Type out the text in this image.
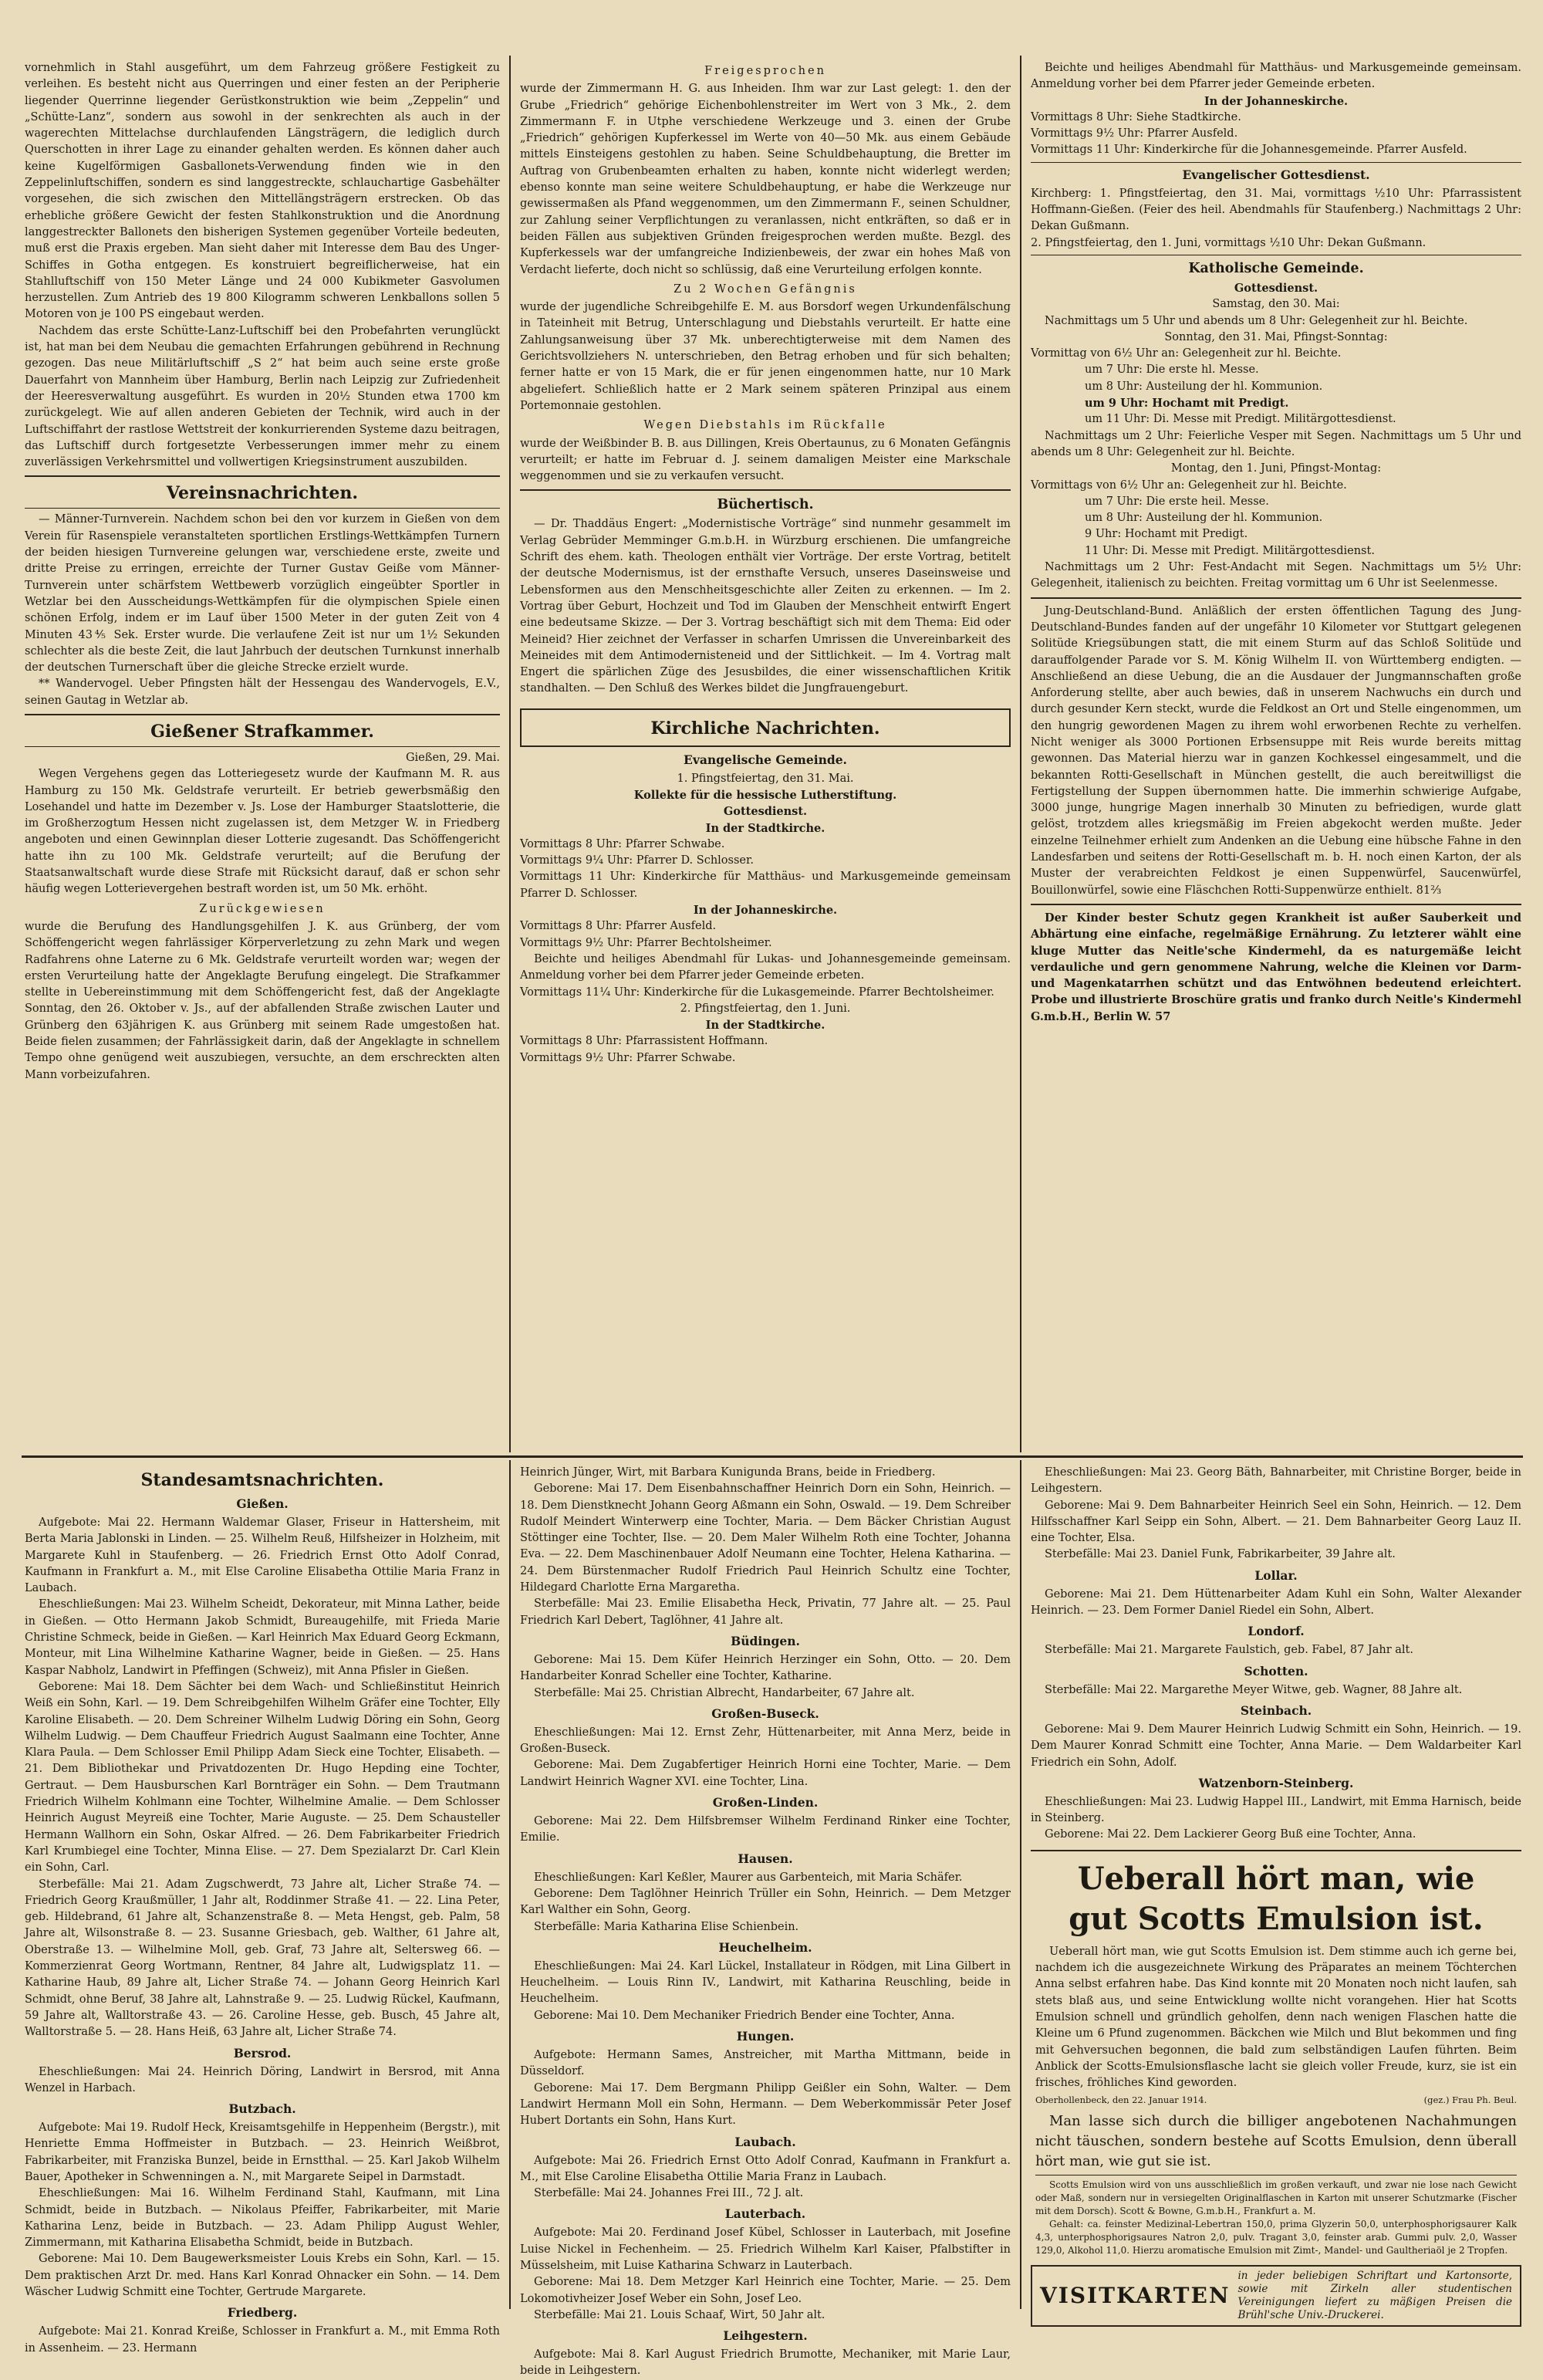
vornehmlich in Stahl ausgeführt, um dem Fahrzeug größere Festigkeit zu verleihen. Es besteht nicht aus Querringen und einer festen an der Peripherie liegender Querrinne liegender Gerüstkonstruktion wie beim „Zeppelin“ und „Schütte-Lanz“, sondern aus sowohl in der senkrechten als auch in der wagerechten Mittelachse durchlaufenden Längsträgern, die lediglich durch Querschotten in ihrer Lage zu einander gehalten werden. Es können daher auch keine Kugelförmigen Gasballonets-Verwendung finden wie in den Zeppelinluftschiffen, sondern es sind langgestreckte, schlauchartige Gasbehälter vorgesehen, die sich zwischen den Mittellängsträgern erstrecken. Ob das erhebliche größere Gewicht der festen Stahlkonstruktion und die Anordnung langgestreckter Ballonets den bisherigen Systemen gegenüber Vorteile bedeuten, muß erst die Praxis ergeben. Man sieht daher mit Interesse dem Bau des Unger-Schiffes in Gotha entgegen. Es konstruiert begreiflicherweise, hat ein Stahlluftschiff von 150 Meter Länge und 24 000 Kubikmeter Gasvolumen herzustellen. Zum Antrieb des 19 800 Kilogramm schweren Lenkballons sollen 5 Motoren von je 100 PS eingebaut werden.

Nachdem das erste Schütte-Lanz-Luftschiff bei den Probefahrten verunglückt ist, hat man bei dem Neubau die gemachten Erfahrungen gebührend in Rechnung gezogen. Das neue Militärluftschiff „S 2“ hat beim auch seine erste große Dauerfahrt von Mannheim über Hamburg, Berlin nach Leipzig zur Zufriedenheit der Heeresverwaltung ausgeführt. Es wurden in 20½ Stunden etwa 1700 km zurückgelegt. Wie auf allen anderen Gebieten der Technik, wird auch in der Luftschiffahrt der rastlose Wettstreit der konkurrierenden Systeme dazu beitragen, das Luftschiff durch fortgesetzte Verbesserungen immer mehr zu einem zuverlässigen Verkehrsmittel und vollwertigen Kriegsinstrument auszubilden.

Vereinsnachrichten.

— Männer-Turnverein. Nachdem schon bei den vor kurzem in Gießen von dem Verein für Rasenspiele veranstalteten sportlichen Erstlings-Wettkämpfen Turnern der beiden hiesigen Turnvereine gelungen war, verschiedene erste, zweite und dritte Preise zu erringen, erreichte der Turner Gustav Geiße vom Männer-Turnverein unter schärfstem Wettbewerb vorzüglich eingeübter Sportler in Wetzlar bei den Ausscheidungs-Wettkämpfen für die olympischen Spiele einen schönen Erfolg, indem er im Lauf über 1500 Meter in der guten Zeit von 4 Minuten 43⅘ Sek. Erster wurde. Die verlaufene Zeit ist nur um 1½ Sekunden schlechter als die beste Zeit, die laut Jahrbuch der deutschen Turnkunst innerhalb der deutschen Turnerschaft über die gleiche Strecke erzielt wurde.

** Wandervogel. Ueber Pfingsten hält der Hessengau des Wandervogels, E.V., seinen Gautag in Wetzlar ab.

Gießener Strafkammer.

Gießen, 29. Mai.

Wegen Vergehens gegen das Lotteriegesetz wurde der Kaufmann M. R. aus Hamburg zu 150 Mk. Geldstrafe verurteilt. Er betrieb gewerbsmäßig den Losehandel und hatte im Dezember v. Js. Lose der Hamburger Staatslotterie, die im Großherzogtum Hessen nicht zugelassen ist, dem Metzger W. in Friedberg angeboten und einen Gewinnplan dieser Lotterie zugesandt. Das Schöffengericht hatte ihn zu 100 Mk. Geldstrafe verurteilt; auf die Berufung der Staatsanwaltschaft wurde diese Strafe mit Rücksicht darauf, daß er schon sehr häufig wegen Lotterievergehen bestraft worden ist, um 50 Mk. erhöht.

Zurückgewiesen

wurde die Berufung des Handlungsgehilfen J. K. aus Grünberg, der vom Schöffengericht wegen fahrlässiger Körperverletzung zu zehn Mark und wegen Radfahrens ohne Laterne zu 6 Mk. Geldstrafe verurteilt worden war; wegen der ersten Verurteilung hatte der Angeklagte Berufung eingelegt. Die Strafkammer stellte in Uebereinstimmung mit dem Schöffengericht fest, daß der Angeklagte Sonntag, den 26. Oktober v. Js., auf der abfallenden Straße zwischen Lauter und Grünberg den 63jährigen K. aus Grünberg mit seinem Rade umgestoßen hat. Beide fielen zusammen; der Fahrlässigkeit darin, daß der Angeklagte in schnellem Tempo ohne genügend weit auszubiegen, versuchte, an dem erschreckten alten Mann vorbeizufahren.

Freigesprochen

wurde der Zimmermann H. G. aus Inheiden. Ihm war zur Last gelegt: 1. den der Grube „Friedrich“ gehörige Eichenbohlenstreiter im Wert von 3 Mk., 2. dem Zimmermann F. in Utphe verschiedene Werkzeuge und 3. einen der Grube „Friedrich“ gehörigen Kupferkessel im Werte von 40—50 Mk. aus einem Gebäude mittels Einsteigens gestohlen zu haben. Seine Schuldbehauptung, die Bretter im Auftrag von Grubenbeamten erhalten zu haben, konnte nicht widerlegt werden; ebenso konnte man seine weitere Schuldbehauptung, er habe die Werkzeuge nur gewissermaßen als Pfand weggenommen, um den Zimmermann F., seinen Schuldner, zur Zahlung seiner Verpflichtungen zu veranlassen, nicht entkräften, so daß er in beiden Fällen aus subjektiven Gründen freigesprochen werden mußte. Bezgl. des Kupferkessels war der umfangreiche Indizienbeweis, der zwar ein hohes Maß von Verdacht lieferte, doch nicht so schlüssig, daß eine Verurteilung erfolgen konnte.

Zu 2 Wochen Gefängnis

wurde der jugendliche Schreibgehilfe E. M. aus Borsdorf wegen Urkundenfälschung in Tateinheit mit Betrug, Unterschlagung und Diebstahls verurteilt. Er hatte eine Zahlungsanweisung über 37 Mk. unberechtigterweise mit dem Namen des Gerichtsvollziehers N. unterschrieben, den Betrag erhoben und für sich behalten; ferner hatte er von 15 Mark, die er für jenen eingenommen hatte, nur 10 Mark abgeliefert. Schließlich hatte er 2 Mark seinem späteren Prinzipal aus einem Portemonnaie gestohlen.

Wegen Diebstahls im Rückfalle

wurde der Weißbinder B. B. aus Dillingen, Kreis Obertaunus, zu 6 Monaten Gefängnis verurteilt; er hatte im Februar d. J. seinem damaligen Meister eine Markschale weggenommen und sie zu verkaufen versucht.

Büchertisch.

— Dr. Thaddäus Engert: „Modernistische Vorträge“ sind nunmehr gesammelt im Verlag Gebrüder Memminger G.m.b.H. in Würzburg erschienen. Die umfangreiche Schrift des ehem. kath. Theologen enthält vier Vorträge. Der erste Vortrag, betitelt der deutsche Modernismus, ist der ernsthafte Versuch, unseres Daseinsweise und Lebensformen aus den Menschheitsgeschichte aller Zeiten zu erkennen. — Im 2. Vortrag über Geburt, Hochzeit und Tod im Glauben der Menschheit entwirft Engert eine bedeutsame Skizze. — Der 3. Vortrag beschäftigt sich mit dem Thema: Eid oder Meineid? Hier zeichnet der Verfasser in scharfen Umrissen die Unvereinbarkeit des Meineides mit dem Antimodernisteneid und der Sittlichkeit. — Im 4. Vortrag malt Engert die spärlichen Züge des Jesusbildes, die einer wissenschaftlichen Kritik standhalten. — Den Schluß des Werkes bildet die Jungfrauengeburt.

Kirchliche Nachrichten.
Evangelische Gemeinde.

1. Pfingstfeiertag, den 31. Mai.

Kollekte für die hessische Lutherstiftung.

Gottesdienst.

In der Stadtkirche.

Vormittags 8 Uhr: Pfarrer Schwabe.

Vormittags 9¼ Uhr: Pfarrer D. Schlosser.

Vormittags 11 Uhr: Kinderkirche für Matthäus- und Markusgemeinde gemeinsam Pfarrer D. Schlosser.

In der Johanneskirche.

Vormittags 8 Uhr: Pfarrer Ausfeld.

Vormittags 9½ Uhr: Pfarrer Bechtolsheimer.

Beichte und heiliges Abendmahl für Lukas- und Johannesgemeinde gemeinsam. Anmeldung vorher bei dem Pfarrer jeder Gemeinde erbeten.

Vormittags 11¼ Uhr: Kinderkirche für die Lukasgemeinde. Pfarrer Bechtolsheimer.

2. Pfingstfeiertag, den 1. Juni.

In der Stadtkirche.

Vormittags 8 Uhr: Pfarrassistent Hoffmann.

Vormittags 9½ Uhr: Pfarrer Schwabe.

Beichte und heiliges Abendmahl für Matthäus- und Markusgemeinde gemeinsam. Anmeldung vorher bei dem Pfarrer jeder Gemeinde erbeten.

In der Johanneskirche.

Vormittags 8 Uhr: Siehe Stadtkirche.

Vormittags 9½ Uhr: Pfarrer Ausfeld.

Vormittags 11 Uhr: Kinderkirche für die Johannesgemeinde. Pfarrer Ausfeld.

Evangelischer Gottesdienst.

Kirchberg: 1. Pfingstfeiertag, den 31. Mai, vormittags ½10 Uhr: Pfarrassistent Hoffmann-Gießen. (Feier des heil. Abendmahls für Staufenberg.) Nachmittags 2 Uhr: Dekan Gußmann.

2. Pfingstfeiertag, den 1. Juni, vormittags ½10 Uhr: Dekan Gußmann.

Katholische Gemeinde.

Gottesdienst.

Samstag, den 30. Mai:

Nachmittags um 5 Uhr und abends um 8 Uhr: Gelegenheit zur hl. Beichte.

Sonntag, den 31. Mai, Pfingst-Sonntag:

Vormittag von 6½ Uhr an: Gelegenheit zur hl. Beichte.

um 7 Uhr: Die erste hl. Messe.

um 8 Uhr: Austeilung der hl. Kommunion.

um 9 Uhr: Hochamt mit Predigt.

um 11 Uhr: Di. Messe mit Predigt. Militärgottesdienst.

Nachmittags um 2 Uhr: Feierliche Vesper mit Segen. Nachmittags um 5 Uhr und abends um 8 Uhr: Gelegenheit zur hl. Beichte.

Montag, den 1. Juni, Pfingst-Montag:

Vormittags von 6½ Uhr an: Gelegenheit zur hl. Beichte.

um 7 Uhr: Die erste heil. Messe.

um 8 Uhr: Austeilung der hl. Kommunion.

9 Uhr: Hochamt mit Predigt.

11 Uhr: Di. Messe mit Predigt. Militärgottesdienst.

Nachmittags um 2 Uhr: Fest-Andacht mit Segen. Nachmittags um 5½ Uhr: Gelegenheit, italienisch zu beichten. Freitag vormittag um 6 Uhr ist Seelenmesse.

Jung-Deutschland-Bund. Anläßlich der ersten öffentlichen Tagung des Jung-Deutschland-Bundes fanden auf der ungefähr 10 Kilometer vor Stuttgart gelegenen Solitüde Kriegsübungen statt, die mit einem Sturm auf das Schloß Solitüde und darauffolgender Parade vor S. M. König Wilhelm II. von Württemberg endigten. — Anschließend an diese Uebung, die an die Ausdauer der Jungmannschaften große Anforderung stellte, aber auch bewies, daß in unserem Nachwuchs ein durch und durch gesunder Kern steckt, wurde die Feldkost an Ort und Stelle eingenommen, um den hungrig gewordenen Magen zu ihrem wohl erworbenen Rechte zu verhelfen. Nicht weniger als 3000 Portionen Erbsensuppe mit Reis wurde bereits mittag gewonnen. Das Material hierzu war in ganzen Kochkessel eingesammelt, und die bekannten Rotti-Gesellschaft in München gestellt, die auch bereitwilligst die Fertigstellung der Suppen übernommen hatte. Die immerhin schwierige Aufgabe, 3000 junge, hungrige Magen innerhalb 30 Minuten zu befriedigen, wurde glatt gelöst, trotzdem alles kriegsmäßig im Freien abgekocht werden mußte. Jeder einzelne Teilnehmer erhielt zum Andenken an die Uebung eine hübsche Fahne in den Landesfarben und seitens der Rotti-Gesellschaft m. b. H. noch einen Karton, der als Muster der verabreichten Feldkost je einen Suppenwürfel, Saucenwürfel, Bouillonwürfel, sowie eine Fläschchen Rotti-Suppenwürze enthielt. 81⅔

Der Kinder bester Schutz gegen Krankheit ist außer Sauberkeit und Abhärtung eine einfache, regelmäßige Ernährung. Zu letzterer wählt eine kluge Mutter das Neitle'sche Kindermehl, da es naturgemäße leicht verdauliche und gern genommene Nahrung, welche die Kleinen vor Darm- und Magenkatarrhen schützt und das Entwöhnen bedeutend erleichtert. Probe und illustrierte Broschüre gratis und franko durch Neitle's Kindermehl G.m.b.H., Berlin W. 57

Standesamtsnachrichten.
Gießen.

Aufgebote: Mai 22. Hermann Waldemar Glaser, Friseur in Hattersheim, mit Berta Maria Jablonski in Linden. — 25. Wilhelm Reuß, Hilfsheizer in Holzheim, mit Margarete Kuhl in Staufenberg. — 26. Friedrich Ernst Otto Adolf Conrad, Kaufmann in Frankfurt a. M., mit Else Caroline Elisabetha Ottilie Maria Franz in Laubach.

Eheschließungen: Mai 23. Wilhelm Scheidt, Dekorateur, mit Minna Lather, beide in Gießen. — Otto Hermann Jakob Schmidt, Bureaugehilfe, mit Frieda Marie Christine Schmeck, beide in Gießen. — Karl Heinrich Max Eduard Georg Eckmann, Monteur, mit Lina Wilhelmine Katharine Wagner, beide in Gießen. — 25. Hans Kaspar Nabholz, Landwirt in Pfeffingen (Schweiz), mit Anna Pfisler in Gießen.

Geborene: Mai 18. Dem Sächter bei dem Wach- und Schließinstitut Heinrich Weiß ein Sohn, Karl. — 19. Dem Schreibgehilfen Wilhelm Gräfer eine Tochter, Elly Karoline Elisabeth. — 20. Dem Schreiner Wilhelm Ludwig Döring ein Sohn, Georg Wilhelm Ludwig. — Dem Chauffeur Friedrich August Saalmann eine Tochter, Anne Klara Paula. — Dem Schlosser Emil Philipp Adam Sieck eine Tochter, Elisabeth. — 21. Dem Bibliothekar und Privatdozenten Dr. Hugo Hepding eine Tochter, Gertraut. — Dem Hausburschen Karl Bornträger ein Sohn. — Dem Trautmann Friedrich Wilhelm Kohlmann eine Tochter, Wilhelmine Amalie. — Dem Schlosser Heinrich August Meyreiß eine Tochter, Marie Auguste. — 25. Dem Schausteller Hermann Wallhorn ein Sohn, Oskar Alfred. — 26. Dem Fabrikarbeiter Friedrich Karl Krumbiegel eine Tochter, Minna Elise. — 27. Dem Spezialarzt Dr. Carl Klein ein Sohn, Carl.

Sterbefälle: Mai 21. Adam Zugschwerdt, 73 Jahre alt, Licher Straße 74. — Friedrich Georg Kraußmüller, 1 Jahr alt, Roddinmer Straße 41. — 22. Lina Peter, geb. Hildebrand, 61 Jahre alt, Schanzenstraße 8. — Meta Hengst, geb. Palm, 58 Jahre alt, Wilsonstraße 8. — 23. Susanne Griesbach, geb. Walther, 61 Jahre alt, Oberstraße 13. — Wilhelmine Moll, geb. Graf, 73 Jahre alt, Seltersweg 66. — Kommerzienrat Georg Wortmann, Rentner, 84 Jahre alt, Ludwigsplatz 11. — Katharine Haub, 89 Jahre alt, Licher Straße 74. — Johann Georg Heinrich Karl Schmidt, ohne Beruf, 38 Jahre alt, Lahnstraße 9. — 25. Ludwig Rückel, Kaufmann, 59 Jahre alt, Walltorstraße 43. — 26. Caroline Hesse, geb. Busch, 45 Jahre alt, Walltorstraße 5. — 28. Hans Heiß, 63 Jahre alt, Licher Straße 74.

Bersrod.

Eheschließungen: Mai 24. Heinrich Döring, Landwirt in Bersrod, mit Anna Wenzel in Harbach.

Butzbach.

Aufgebote: Mai 19. Rudolf Heck, Kreisamtsgehilfe in Heppenheim (Bergstr.), mit Henriette Emma Hoffmeister in Butzbach. — 23. Heinrich Weißbrot, Fabrikarbeiter, mit Franziska Bunzel, beide in Ernstthal. — 25. Karl Jakob Wilhelm Bauer, Apotheker in Schwenningen a. N., mit Margarete Seipel in Darmstadt.

Eheschließungen: Mai 16. Wilhelm Ferdinand Stahl, Kaufmann, mit Lina Schmidt, beide in Butzbach. — Nikolaus Pfeiffer, Fabrikarbeiter, mit Marie Katharina Lenz, beide in Butzbach. — 23. Adam Philipp August Wehler, Zimmermann, mit Katharina Elisabetha Schmidt, beide in Butzbach.

Geborene: Mai 10. Dem Baugewerksmeister Louis Krebs ein Sohn, Karl. — 15. Dem praktischen Arzt Dr. med. Hans Karl Konrad Ohnacker ein Sohn. — 14. Dem Wäscher Ludwig Schmitt eine Tochter, Gertrude Margarete.

Friedberg.

Aufgebote: Mai 21. Konrad Kreiße, Schlosser in Frankfurt a. M., mit Emma Roth in Assenheim. — 23. Hermann

Heinrich Jünger, Wirt, mit Barbara Kunigunda Brans, beide in Friedberg.

Geborene: Mai 17. Dem Eisenbahnschaffner Heinrich Dorn ein Sohn, Heinrich. — 18. Dem Dienstknecht Johann Georg Aßmann ein Sohn, Oswald. — 19. Dem Schreiber Rudolf Meindert Winterwerp eine Tochter, Maria. — Dem Bäcker Christian August Stöttinger eine Tochter, Ilse. — 20. Dem Maler Wilhelm Roth eine Tochter, Johanna Eva. — 22. Dem Maschinenbauer Adolf Neumann eine Tochter, Helena Katharina. — 24. Dem Bürstenmacher Rudolf Friedrich Paul Heinrich Schultz eine Tochter, Hildegard Charlotte Erna Margaretha.

Sterbefälle: Mai 23. Emilie Elisabetha Heck, Privatin, 77 Jahre alt. — 25. Paul Friedrich Karl Debert, Taglöhner, 41 Jahre alt.

Büdingen.

Geborene: Mai 15. Dem Küfer Heinrich Herzinger ein Sohn, Otto. — 20. Dem Handarbeiter Konrad Scheller eine Tochter, Katharine.

Sterbefälle: Mai 25. Christian Albrecht, Handarbeiter, 67 Jahre alt.

Großen-Buseck.

Eheschließungen: Mai 12. Ernst Zehr, Hüttenarbeiter, mit Anna Merz, beide in Großen-Buseck.

Geborene: Mai. Dem Zugabfertiger Heinrich Horni eine Tochter, Marie. — Dem Landwirt Heinrich Wagner XVI. eine Tochter, Lina.

Großen-Linden.

Geborene: Mai 22. Dem Hilfsbremser Wilhelm Ferdinand Rinker eine Tochter, Emilie.

Hausen.

Eheschließungen: Karl Keßler, Maurer aus Garbenteich, mit Maria Schäfer.

Geborene: Dem Taglöhner Heinrich Trüller ein Sohn, Heinrich. — Dem Metzger Karl Walther ein Sohn, Georg.

Sterbefälle: Maria Katharina Elise Schienbein.

Heuchelheim.

Eheschließungen: Mai 24. Karl Lückel, Installateur in Rödgen, mit Lina Gilbert in Heuchelheim. — Louis Rinn IV., Landwirt, mit Katharina Reuschling, beide in Heuchelheim.

Geborene: Mai 10. Dem Mechaniker Friedrich Bender eine Tochter, Anna.

Hungen.

Aufgebote: Hermann Sames, Anstreicher, mit Martha Mittmann, beide in Düsseldorf.

Geborene: Mai 17. Dem Bergmann Philipp Geißler ein Sohn, Walter. — Dem Landwirt Hermann Moll ein Sohn, Hermann. — Dem Weberkommissär Peter Josef Hubert Dortants ein Sohn, Hans Kurt.

Laubach.

Aufgebote: Mai 26. Friedrich Ernst Otto Adolf Conrad, Kaufmann in Frankfurt a. M., mit Else Caroline Elisabetha Ottilie Maria Franz in Laubach.

Sterbefälle: Mai 24. Johannes Frei III., 72 J. alt.

Lauterbach.

Aufgebote: Mai 20. Ferdinand Josef Kübel, Schlosser in Lauterbach, mit Josefine Luise Nickel in Fechenheim. — 25. Friedrich Wilhelm Karl Kaiser, Pfalbstifter in Müsselsheim, mit Luise Katharina Schwarz in Lauterbach.

Geborene: Mai 18. Dem Metzger Karl Heinrich eine Tochter, Marie. — 25. Dem Lokomotivheizer Josef Weber ein Sohn, Josef Leo.

Sterbefälle: Mai 21. Louis Schaaf, Wirt, 50 Jahr alt.

Leihgestern.

Aufgebote: Mai 8. Karl August Friedrich Brumotte, Mechaniker, mit Marie Laur, beide in Leihgestern.

Eheschließungen: Mai 23. Georg Bäth, Bahnarbeiter, mit Christine Borger, beide in Leihgestern.

Geborene: Mai 9. Dem Bahnarbeiter Heinrich Seel ein Sohn, Heinrich. — 12. Dem Hilfsschaffner Karl Seipp ein Sohn, Albert. — 21. Dem Bahnarbeiter Georg Lauz II. eine Tochter, Elsa.

Sterbefälle: Mai 23. Daniel Funk, Fabrikarbeiter, 39 Jahre alt.

Lollar.

Geborene: Mai 21. Dem Hüttenarbeiter Adam Kuhl ein Sohn, Walter Alexander Heinrich. — 23. Dem Former Daniel Riedel ein Sohn, Albert.

Londorf.

Sterbefälle: Mai 21. Margarete Faulstich, geb. Fabel, 87 Jahr alt.

Schotten.

Sterbefälle: Mai 22. Margarethe Meyer Witwe, geb. Wagner, 88 Jahre alt.

Steinbach.

Geborene: Mai 9. Dem Maurer Heinrich Ludwig Schmitt ein Sohn, Heinrich. — 19. Dem Maurer Konrad Schmitt eine Tochter, Anna Marie. — Dem Waldarbeiter Karl Friedrich ein Sohn, Adolf.

Watzenborn-Steinberg.

Eheschließungen: Mai 23. Ludwig Happel III., Landwirt, mit Emma Harnisch, beide in Steinberg.

Geborene: Mai 22. Dem Lackierer Georg Buß eine Tochter, Anna.

Ueberall hört man, wie
gut Scotts Emulsion ist.

Ueberall hört man, wie gut Scotts Emulsion ist. Dem stimme auch ich gerne bei, nachdem ich die ausgezeichnete Wirkung des Präparates an meinem Töchterchen Anna selbst erfahren habe. Das Kind konnte mit 20 Monaten noch nicht laufen, sah stets blaß aus, und seine Entwicklung wollte nicht vorangehen. Hier hat Scotts Emulsion schnell und gründlich geholfen, denn nach wenigen Flaschen hatte die Kleine um 6 Pfund zugenommen. Bäckchen wie Milch und Blut bekommen und fing mit Gehversuchen begonnen, die bald zum selbständigen Laufen führten. Beim Anblick der Scotts-Emulsionsflasche lacht sie gleich voller Freude, kurz, sie ist ein frisches, fröhliches Kind geworden.

Oberhollenbeck, den 22. Januar 1914.	(gez.) Frau Ph. Beul.

Man lasse sich durch die billiger angebotenen Nachahmungen nicht täuschen, sondern bestehe auf Scotts Emulsion, denn überall hört man, wie gut sie ist.

Scotts Emulsion wird von uns ausschließlich im großen verkauft, und zwar nie lose nach Gewicht oder Maß, sondern nur in versiegelten Originalflaschen in Karton mit unserer Schutzmarke (Fischer mit dem Dorsch). Scott & Bowne, G.m.b.H., Frankfurt a. M.

Gehalt: ca. feinster Medizinal-Lebertran 150,0, prima Glyzerin 50,0, unterphosphorigsaurer Kalk 4,3, unterphosphorigsaures Natron 2,0, pulv. Tragant 3,0, feinster arab. Gummi pulv. 2,0, Wasser 129,0, Alkohol 11,0. Hierzu aromatische Emulsion mit Zimt-, Mandel- und Gaultheriaöl je 2 Tropfen.

VISITKARTEN
in jeder beliebigen Schriftart und Kartonsorte, sowie mit Zirkeln aller studentischen Vereinigungen liefert zu mäßigen Preisen die Brühl'sche Univ.-Druckerei.
